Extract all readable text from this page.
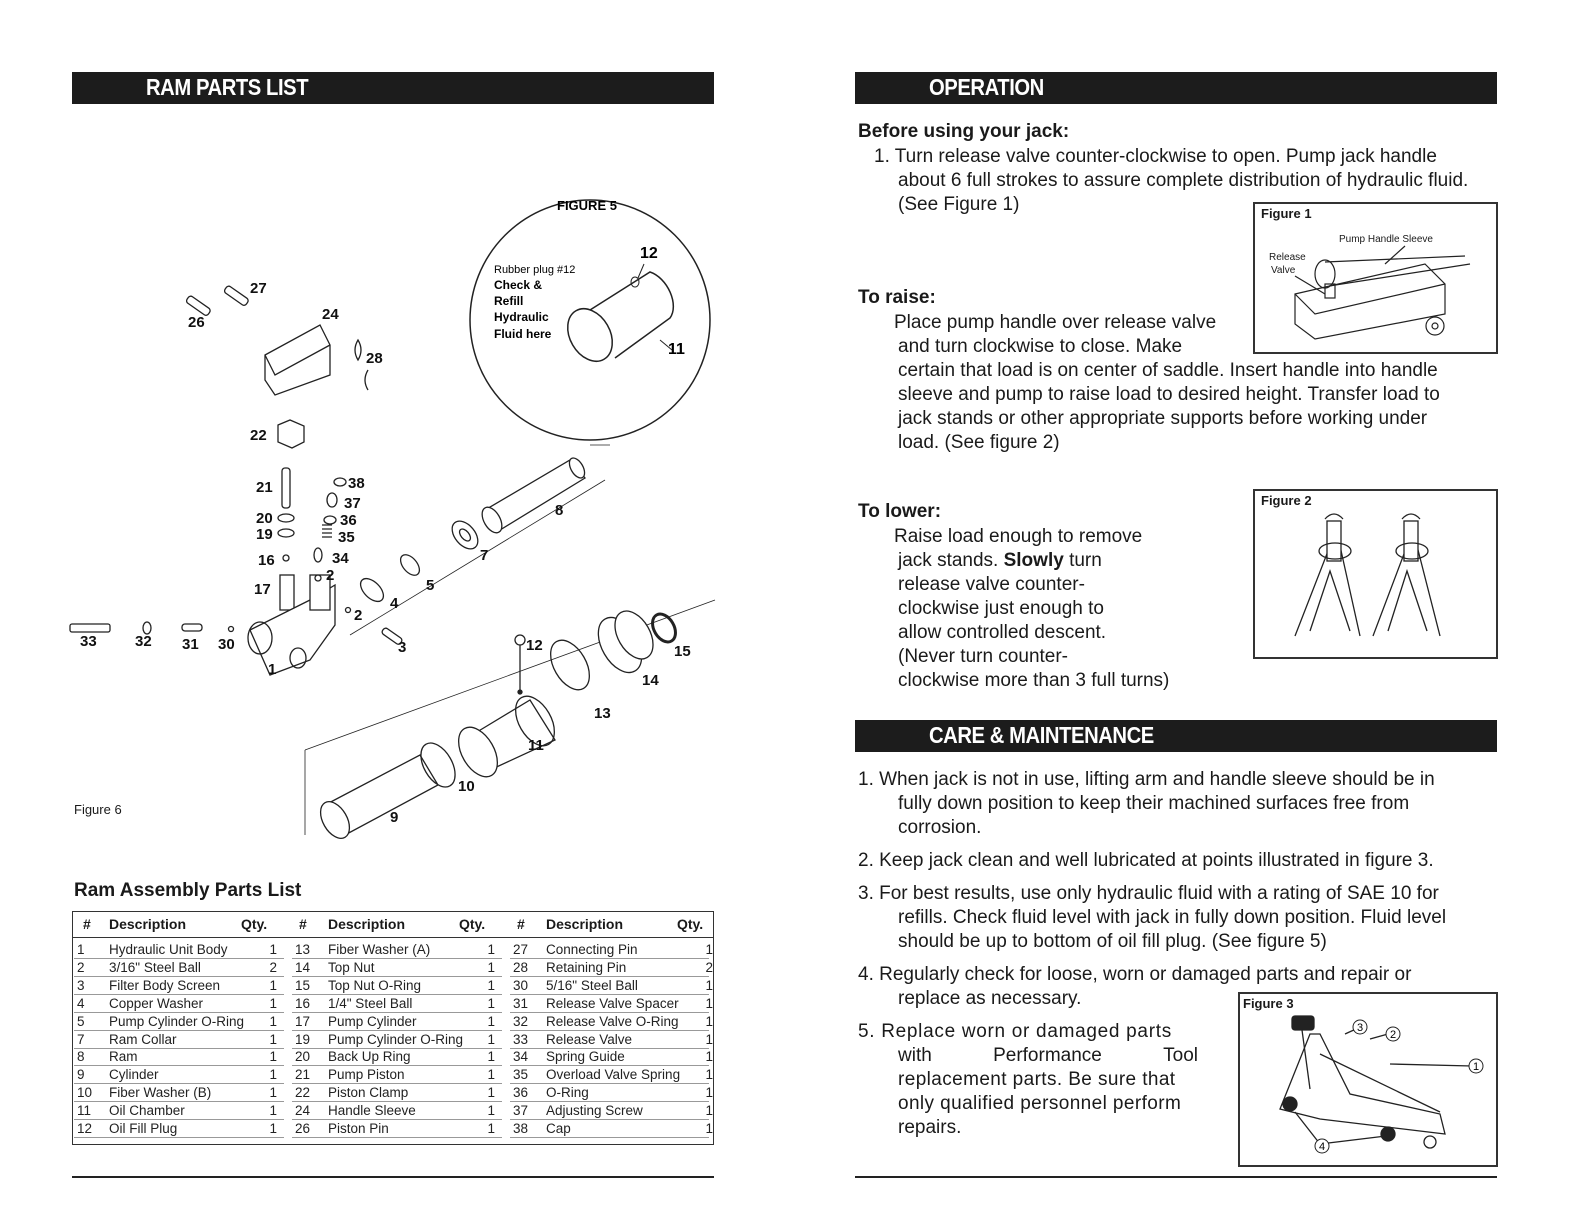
RAM PARTS LIST
FIGURE 5
12
Rubber plug #12
Check &
Refill
Hydraulic
Fluid here
11
27
26	24
28
22
38
37
21
36
20
35
19
16	34
17
2
4
5
7
8
33	32 31 30
2
3
1
12	15
14
13
11
10
9
Figure 6
Ram Assembly Parts List
# Description	Qty. # Description	Qty. # Description	Qty.
1 Hydraulic Unit Body	1 13 Fiber Washer (A)	1 27 Connecting Pin	1
2 3/16" Steel Ball	2 14 Top Nut	1 28 Retaining Pin	2
3 Filter Body Screen	1 15 Top Nut O-Ring	1 30 5/16" Steel Ball	1
4 Copper Washer	1 16 1/4" Steel Ball	1 31 Release Valve Spacer	1
5 Pump Cylinder O-Ring	1 17 Pump Cylinder	1 32 Release Valve O-Ring	1
7 Ram Collar	1 19 Pump Cylinder O-Ring	1 33 Release Valve	1
8 Ram	1 20 Back Up Ring	1 34 Spring Guide	1
9 Cylinder	1 21 Pump Piston	1 35 Overload Valve Spring	1
10 Fiber Washer (B)	1 22 Piston Clamp	1 36 O-Ring	1
11 Oil Chamber	1 24 Handle Sleeve	1 37 Adjusting Screw	1
12 Oil Fill Plug	1 26 Piston Pin	1 38 Cap	1
OPERATION
Before using your jack:
1. Turn release valve counter-clockwise to open. Pump jack handle
about 6 full strokes to assure complete distribution of hydraulic fluid.
(See Figure 1)	Figure 1
Pump Handle Sleeve
Release
Valve
To raise:
Place pump handle over release valve
and turn clockwise to close. Make
certain that load is on center of saddle. Insert handle into handle
sleeve and pump to raise load to desired height. Transfer load to
jack stands or other appropriate supports before working under
load. (See figure 2)
To lower:
Raise load enough to remove
jack stands. Slowly turn
release valve counter-
clockwise just enough to
allow controlled descent.
(Never turn counter-
clockwise more than 3 full turns)
Figure 2
CARE & MAINTENANCE
1. When jack is not in use, lifting arm and handle sleeve should be in
fully down position to keep their machined surfaces free from
corrosion.
2. Keep jack clean and well lubricated at points illustrated in figure 3.
3. For best results, use only hydraulic fluid with a rating of SAE 10 for
refills. Check fluid level with jack in fully down position. Fluid level
should be up to bottom of oil fill plug. (See figure 5)
4. Regularly check for loose, worn or damaged parts and repair or
replace as necessary.
5. Replace worn or damaged parts
with	Performance	Tool
replacement parts. Be sure that
only qualified personnel perform
repairs.
Figure 3
3
2
1
4
